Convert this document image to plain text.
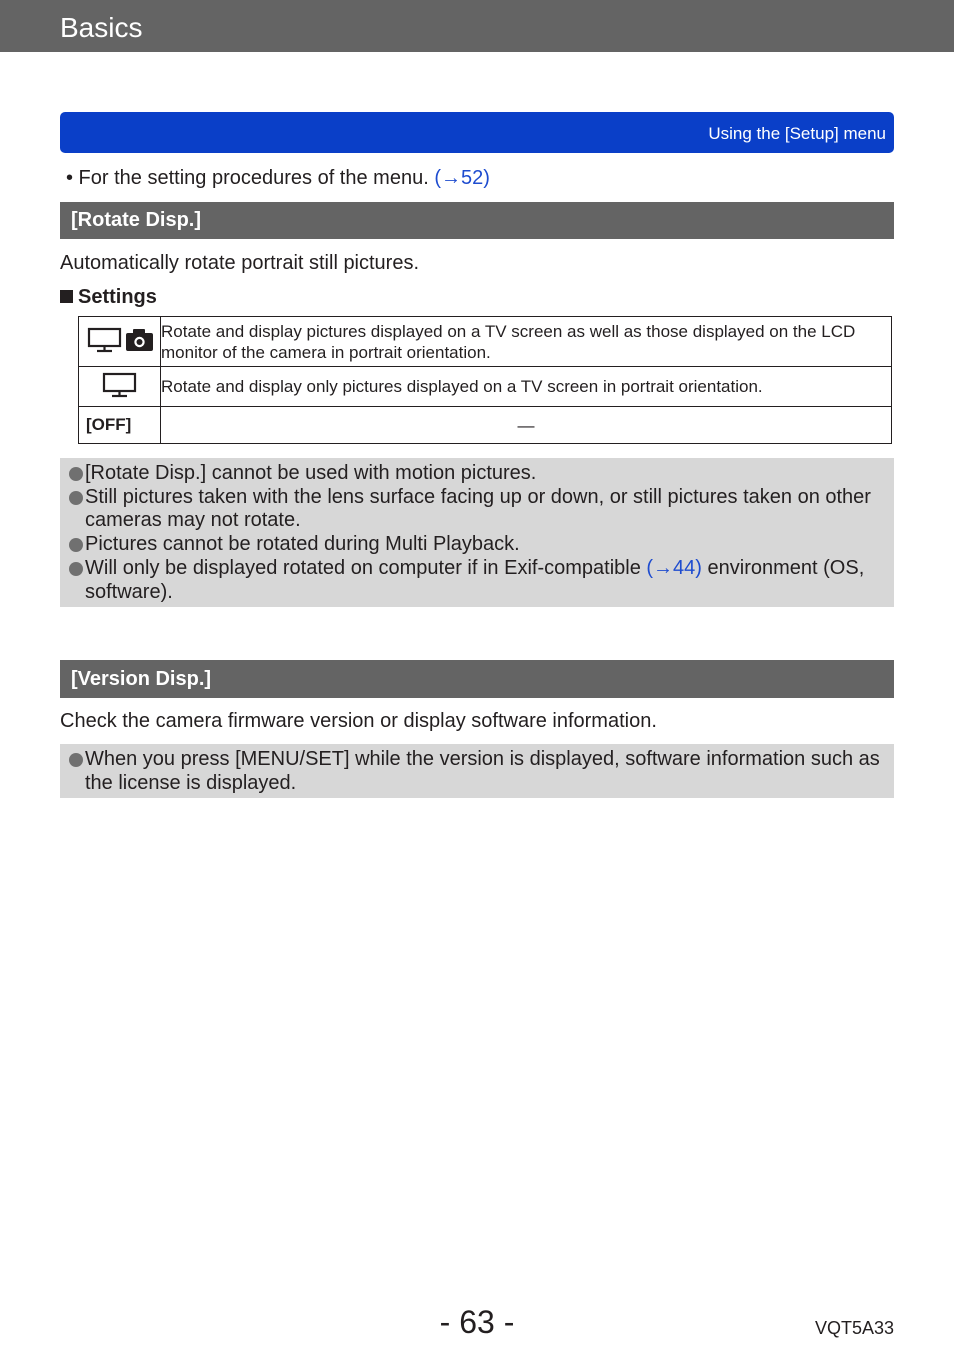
Basics
Using the [Setup] menu
• For the setting procedures of the menu. (→52)
[Rotate Disp.]
Automatically rotate portrait still pictures.
Settings
	Rotate and display pictures displayed on a TV screen as well as those displayed on the LCD monitor of the camera in portrait orientation.
	Rotate and display only pictures displayed on a TV screen in portrait orientation.
[OFF]	—
[Rotate Disp.] cannot be used with motion pictures.
Still pictures taken with the lens surface facing up or down, or still pictures taken on other cameras may not rotate.
Pictures cannot be rotated during Multi Playback.
Will only be displayed rotated on computer if in Exif-compatible (→44) environment (OS, software).
[Version Disp.]
Check the camera firmware version or display software information.
When you press [MENU/SET] while the version is displayed, software information such as the license is displayed.
- 63 -	VQT5A33
